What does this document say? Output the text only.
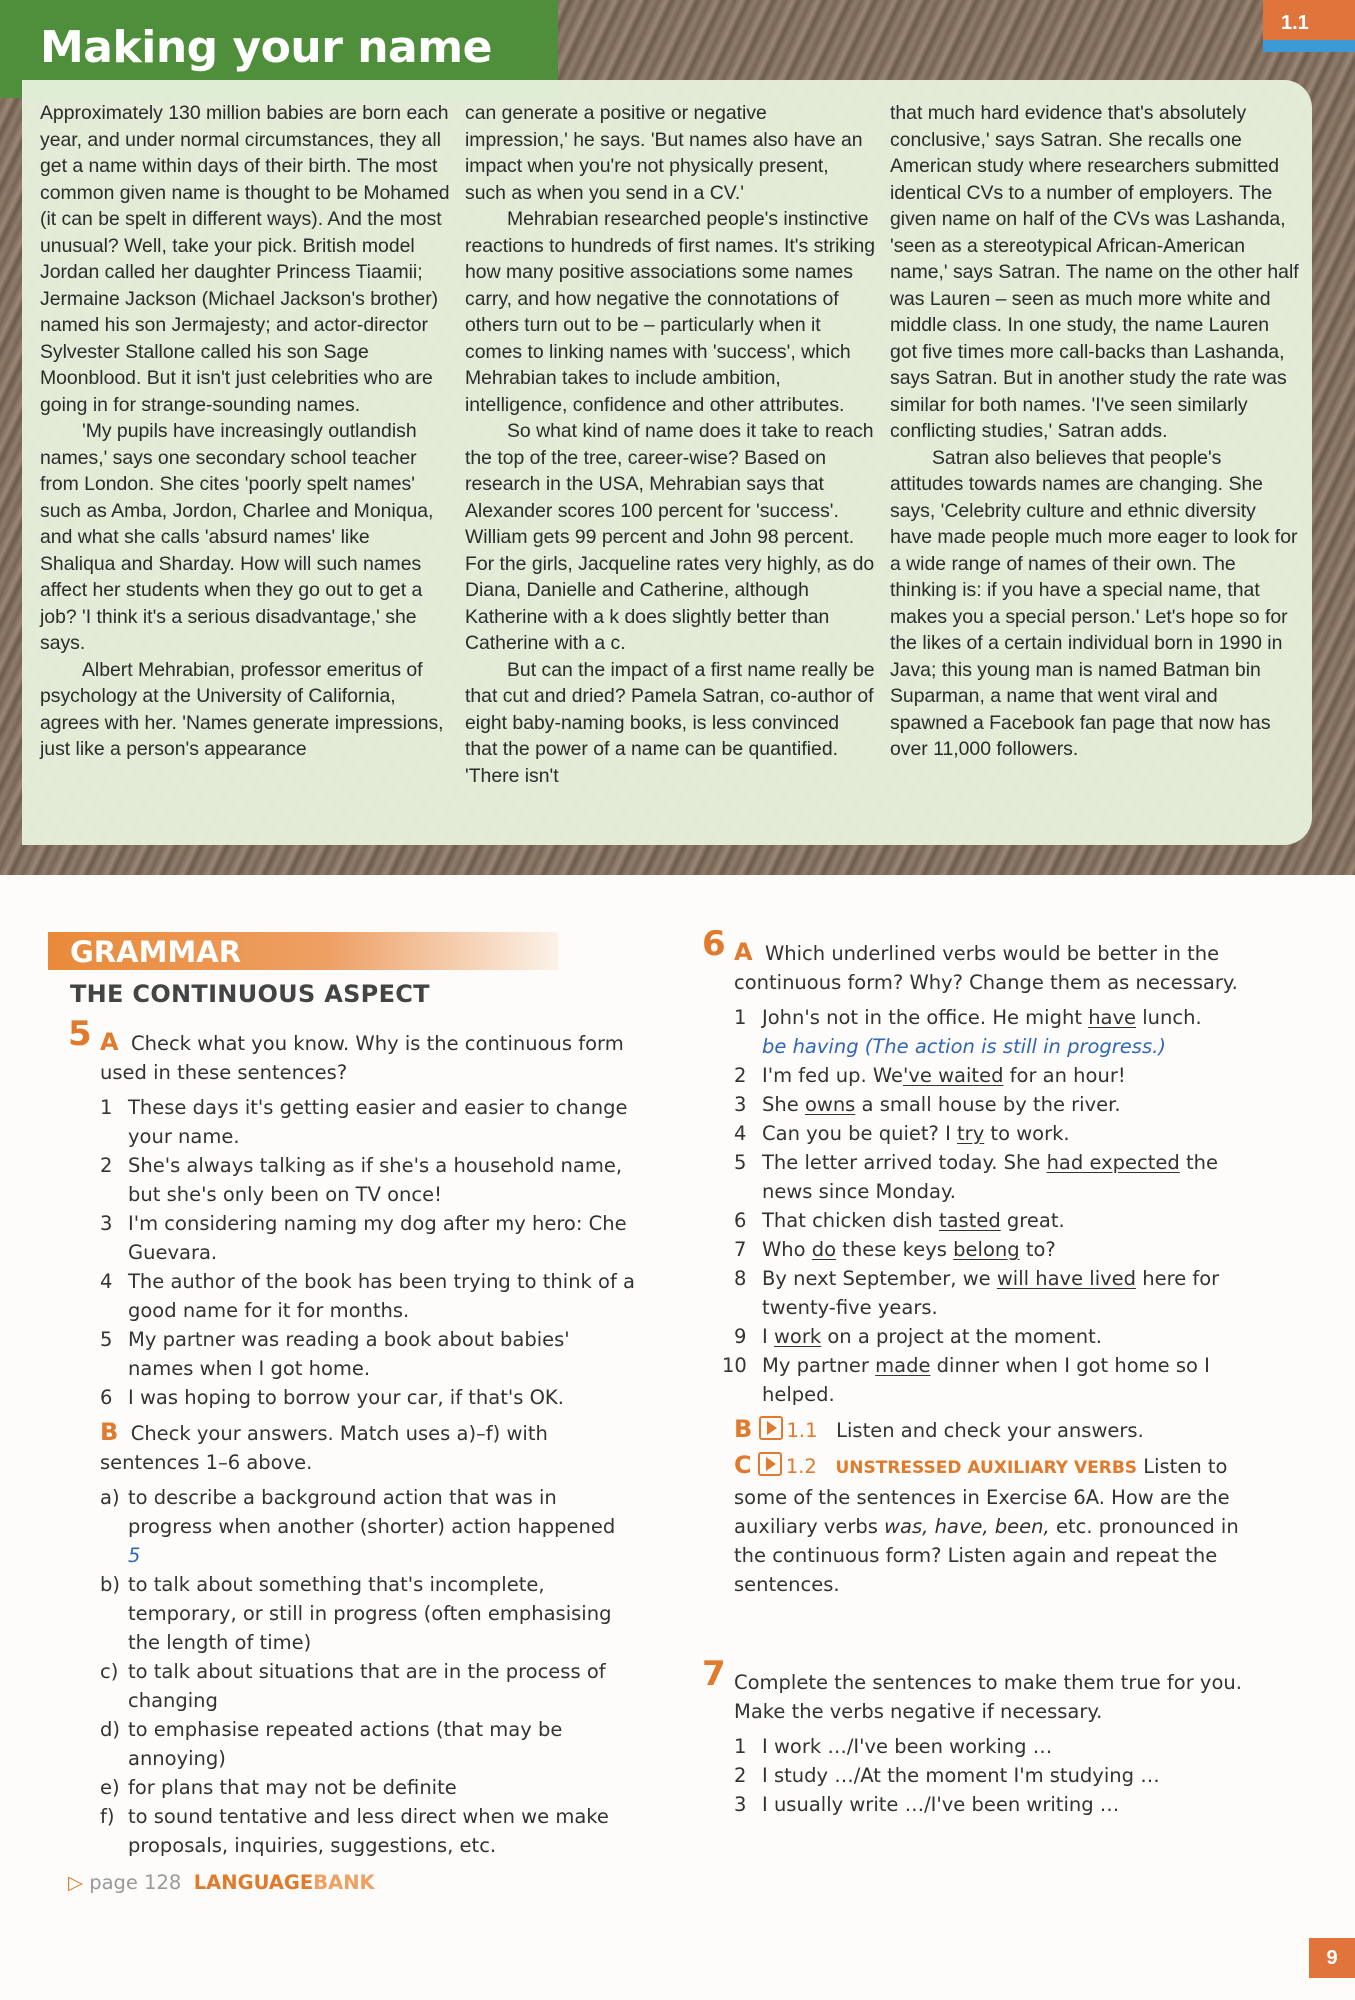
Making your name	1.1

Approximately 130 million babies are born each year, and under normal circumstances, they all get a name within days of their birth. The most common given name is thought to be Mohamed (it can be spelt in different ways). And the most unusual? Well, take your pick. British model Jordan called her daughter Princess Tiaamii; Jermaine Jackson (Michael Jackson's brother) named his son Jermajesty; and actor-director Sylvester Stallone called his son Sage Moonblood. But it isn't just celebrities who are going in for strange-sounding names.

'My pupils have increasingly outlandish names,' says one secondary school teacher from London. She cites 'poorly spelt names' such as Amba, Jordon, Charlee and Moniqua, and what she calls 'absurd names' like Shaliqua and Sharday. How will such names affect her students when they go out to get a job? 'I think it's a serious disadvantage,' she says.

Albert Mehrabian, professor emeritus of psychology at the University of California, agrees with her. 'Names generate impressions, just like a person's appearance

can generate a positive or negative impression,' he says. 'But names also have an impact when you're not physically present, such as when you send in a CV.'

Mehrabian researched people's instinctive reactions to hundreds of first names. It's striking how many positive associations some names carry, and how negative the connotations of others turn out to be – particularly when it comes to linking names with 'success', which Mehrabian takes to include ambition, intelligence, confidence and other attributes.

So what kind of name does it take to reach the top of the tree, career-wise? Based on research in the USA, Mehrabian says that Alexander scores 100 percent for 'success'. William gets 99 percent and John 98 percent. For the girls, Jacqueline rates very highly, as do Diana, Danielle and Catherine, although Katherine with a k does slightly better than Catherine with a c.

But can the impact of a first name really be that cut and dried? Pamela Satran, co-author of eight baby-naming books, is less convinced that the power of a name can be quantified. 'There isn't

that much hard evidence that's absolutely conclusive,' says Satran. She recalls one American study where researchers submitted identical CVs to a number of employers. The given name on half of the CVs was Lashanda, 'seen as a stereotypical African-American name,' says Satran. The name on the other half was Lauren – seen as much more white and middle class. In one study, the name Lauren got five times more call-backs than Lashanda, says Satran. But in another study the rate was similar for both names. 'I've seen similarly conflicting studies,' Satran adds.

Satran also believes that people's attitudes towards names are changing. She says, 'Celebrity culture and ethnic diversity have made people much more eager to look for a wide range of names of their own. The thinking is: if you have a special name, that makes you a special person.' Let's hope so for the likes of a certain individual born in 1990 in Java; this young man is named Batman bin Suparman, a name that went viral and spawned a Facebook fan page that now has over 11,000 followers.

GRAMMAR
THE CONTINUOUS ASPECT
5 A Check what you know. Why is the continuous form used in these sentences?
1 These days it's getting easier and easier to change your name.
2 She's always talking as if she's a household name, but she's only been on TV once!
3 I'm considering naming my dog after my hero: Che Guevara.
4 The author of the book has been trying to think of a good name for it for months.
5 My partner was reading a book about babies' names when I got home.
6 I was hoping to borrow your car, if that's OK.
B Check your answers. Match uses a)–f) with sentences 1–6 above.
a) to describe a background action that was in progress when another (shorter) action happened  5
b) to talk about something that's incomplete, temporary, or still in progress (often emphasising the length of time)
c) to talk about situations that are in the process of changing
d) to emphasise repeated actions (that may be annoying)
e) for plans that may not be definite
f) to sound tentative and less direct when we make proposals, inquiries, suggestions, etc.
▷ page 128 LANGUAGEBANK
6 A Which underlined verbs would be better in the continuous form? Why? Change them as necessary.
1 John's not in the office. He might have lunch.
be having (The action is still in progress.)
2 I'm fed up. We've waited for an hour!
3 She owns a small house by the river.
4 Can you be quiet? I try to work.
5 The letter arrived today. She had expected the news since Monday.
6 That chicken dish tasted great.
7 Who do these keys belong to?
8 By next September, we will have lived here for twenty-five years.
9 I work on a project at the moment.
10 My partner made dinner when I got home so I helped.
B 1.1 Listen and check your answers.
C 1.2 UNSTRESSED AUXILIARY VERBS Listen to some of the sentences in Exercise 6A. How are the auxiliary verbs was, have, been, etc. pronounced in the continuous form? Listen again and repeat the sentences.
7 Complete the sentences to make them true for you. Make the verbs negative if necessary.
1 I work …/I've been working …
2 I study …/At the moment I'm studying …
3 I usually write …/I've been writing …
9
